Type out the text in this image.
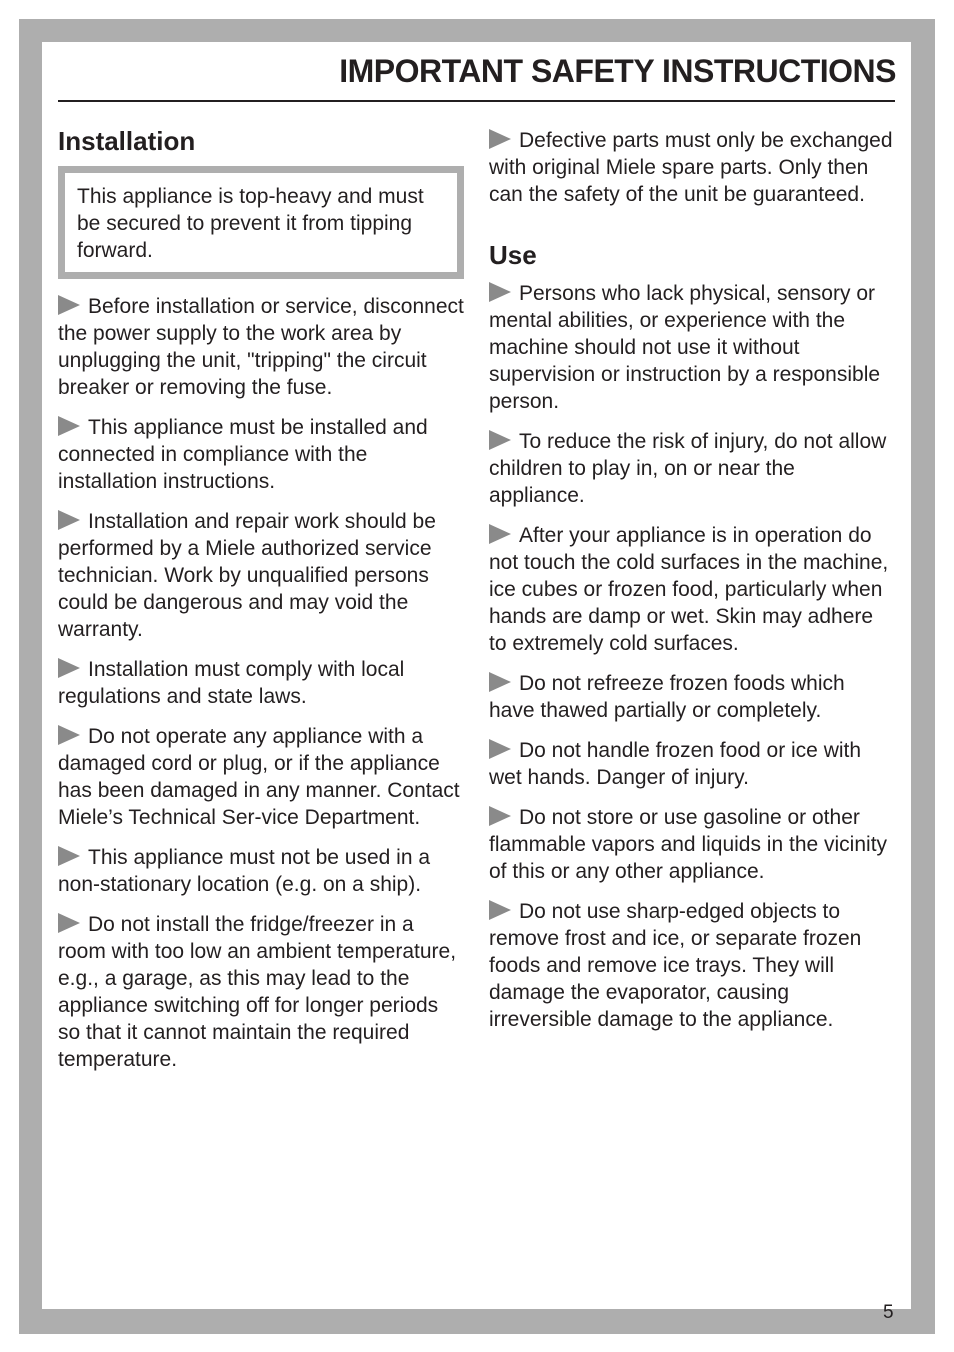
IMPORTANT SAFETY INSTRUCTIONS
Installation
This appliance is top-heavy and must be secured to prevent it from tipping forward.

Before installation or service, disconnect the power supply to the work area by unplugging the unit, "tripping" the circuit breaker or removing the fuse.

This appliance must be installed and connected in compliance with the installation instructions.

Installation and repair work should be performed by a Miele authorized service technician. Work by unqualified persons could be dangerous and may void the warranty.

Installation must comply with local regulations and state laws.

Do not operate any appliance with a damaged cord or plug, or if the appliance has been damaged in any manner. Contact Miele’s Technical Ser-vice Department.

This appliance must not be used in a non-stationary location (e.g. on a ship).

Do not install the fridge/freezer in a room with too low an ambient temperature, e.g., a garage, as this may lead to the appliance switching off for longer periods so that it cannot maintain the required temperature.

Defective parts must only be exchanged with original Miele spare parts. Only then can the safety of the unit be guaranteed.

Use

Persons who lack physical, sensory or mental abilities, or experience with the machine should not use it without supervision or instruction by a responsible person.

To reduce the risk of injury, do not allow children to play in, on or near the appliance.

After your appliance is in operation do not touch the cold surfaces in the machine, ice cubes or frozen food, particularly when hands are damp or wet. Skin may adhere to extremely cold surfaces.

Do not refreeze frozen foods which have thawed partially or completely.

Do not handle frozen food or ice with wet hands. Danger of injury.

Do not store or use gasoline or other flammable vapors and liquids in the vicinity of this or any other appliance.

Do not use sharp-edged objects to remove frost and ice, or separate frozen foods and remove ice trays. They will damage the evaporator, causing irreversible damage to the appliance.

5
